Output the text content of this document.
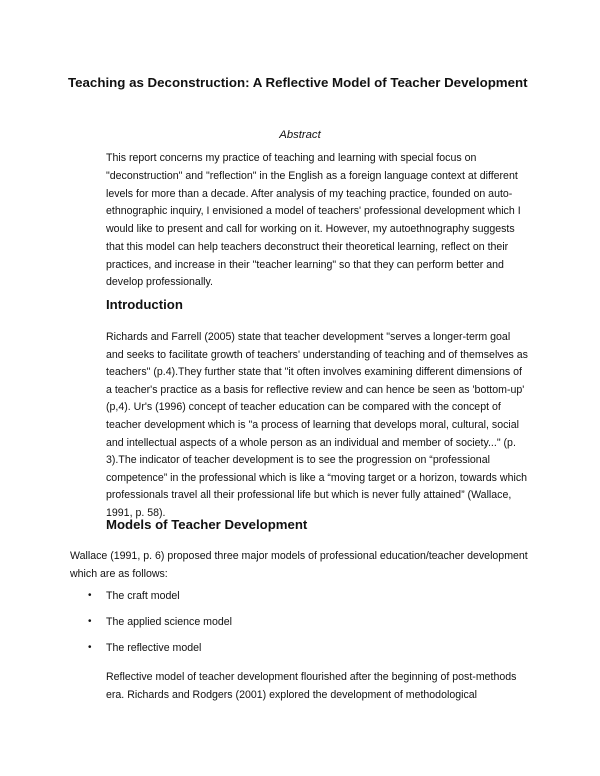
Teaching as Deconstruction: A Reflective Model of Teacher Development

Abstract

This report concerns my practice of teaching and learning with special focus on "deconstruction" and "reflection" in the English as a foreign language context at different levels for more than a decade. After analysis of my teaching practice, founded on auto-ethnographic inquiry, I envisioned a model of teachers' professional development which I would like to present and call for working on it. However, my autoethnography suggests that this model can help teachers deconstruct their theoretical learning, reflect on their practices, and increase in their "teacher learning" so that they can perform better and develop professionally.

Introduction

Richards and Farrell (2005) state that teacher development "serves a longer-term goal and seeks to facilitate growth of teachers' understanding of teaching and of themselves as teachers" (p.4).They further state that "it often involves examining different dimensions of a teacher's practice as a basis for reflective review and can hence be seen as 'bottom-up' (p,4). Ur's (1996) concept of teacher education can be compared with the concept of teacher development which is "a process of learning that develops moral, cultural, social and intellectual aspects of a whole person as an individual and member of society..." (p. 3).The indicator of teacher development is to see the progression on “professional competence” in the professional which is like a “moving target or a horizon, towards which professionals travel all their professional life but which is never fully attained” (Wallace, 1991, p. 58).

Models of Teacher Development

Wallace (1991, p. 6) proposed three major models of professional education/teacher development which are as follows:

•	The craft model
•	The applied science model
•	The reflective model

Reflective model of teacher development flourished after the beginning of post-methods era. Richards and Rodgers (2001) explored the development of methodological
